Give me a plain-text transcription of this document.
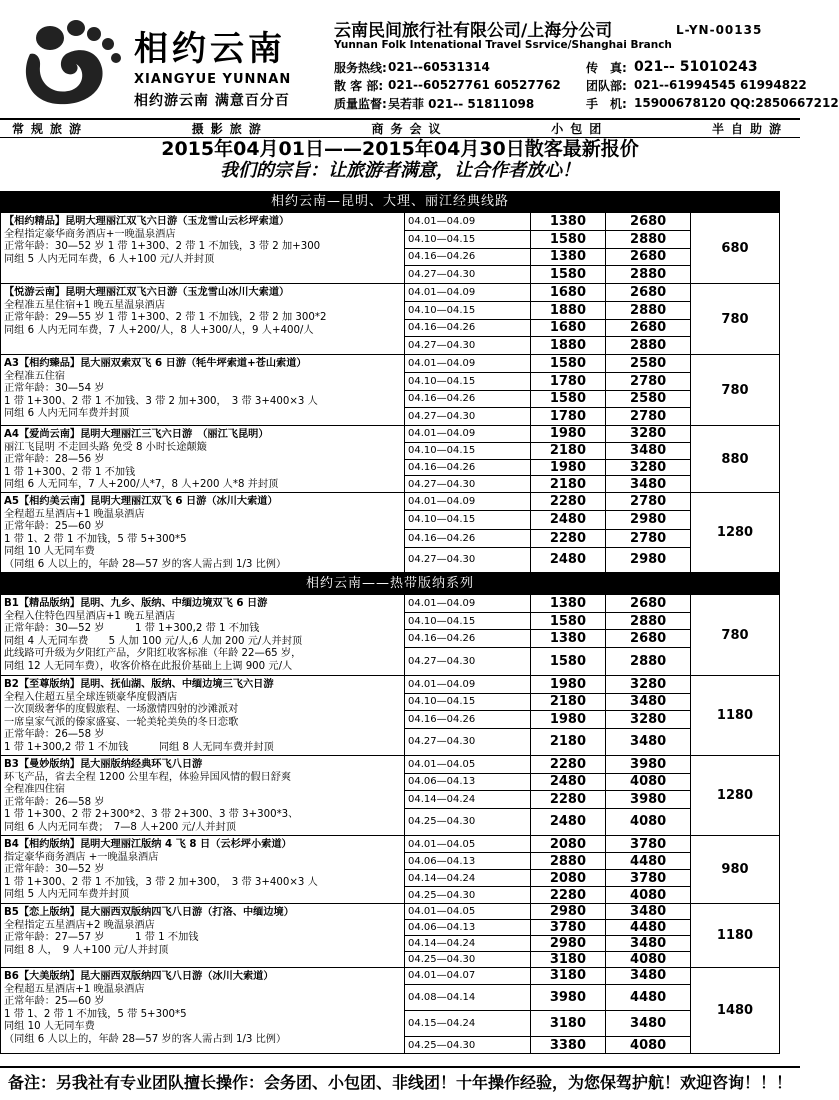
相约云南
XIANGYUE YUNNAN
相约游云南 满意百分百
云南民间旅行社有限公司/上海分公司	L-YN-00135
Yunnan Folk Intenational Travel Ssrvice/Shanghai Branch
服务热线: 021--60531314	传　真: 021-- 51010243
散 客 部: 021--60527761 60527762	团队部: 021--61994545 61994822
质量监督: 吴若菲 021-- 51811098	手　机: 15900678120 QQ:2850667212
常规旅游	摄影旅游	商务会议	小包团	半自助游
2015年04月01日——2015年04月30日散客最新报价
我们的宗旨：让旅游者满意，让合作者放心！
相约云南—昆明、大理、丽江经典线路
【相约精品】昆明大理丽江双飞六日游（玉龙雪山云杉坪索道）
全程指定豪华商务酒店+一晚温泉酒店
正常年龄：30—52 岁 1 带 1+300、2 带 1 不加钱，3 带 2 加+300
同组 5 人内无同车费，6 人+100 元/人并封顶
04.01—04.09	1380	2680
04.10—04.15	1580	2880
04.16—04.26	1380	2680
04.27—04.30	1580	2880
680
【悦游云南】昆明大理丽江双飞六日游（玉龙雪山冰川大索道）
全程准五星住宿+1 晚五星温泉酒店
正常年龄：29—55 岁 1 带 1+300、2 带 1 不加钱，2 带 2 加 300*2
同组 6 人内无同车费，7 人+200/人，8 人+300/人，9 人+400/人
04.01—04.09	1680	2680
04.10—04.15	1880	2880
04.16—04.26	1680	2680
04.27—04.30	1880	2880
780
A3【相约臻品】昆大丽双索双飞 6 日游（牦牛坪索道+苍山索道）
全程准五住宿
正常年龄：30—54 岁
1 带 1+300、2 带 1 不加钱、3 带 2 加+300，　3 带 3+400×3 人
同组 6 人内无同车费并封顶
04.01—04.09	1580	2580
04.10—04.15	1780	2780
04.16—04.26	1580	2580
04.27—04.30	1780	2780
780
A4【爱尚云南】昆明大理丽江三飞六日游　（丽江飞昆明）
丽江飞昆明 不走回头路 免受 8 小时长途颠簸
正常年龄：28—56 岁
1 带 1+300、2 带 1 不加钱
同组 6 人无同车，7 人+200/人*7，8 人+200 人*8 并封顶
04.01—04.09	1980	3280
04.10—04.15	2180	3480
04.16—04.26	1980	3280
04.27—04.30	2180	3480
880
A5【相约美云南】昆明大理丽江双飞 6 日游（冰川大索道）
全程超五星酒店+1 晚温泉酒店
正常年龄：25—60 岁
1 带 1、2 带 1 不加钱，5 带 5+300*5
同组 10 人无同车费
（同组 6 人以上的，年龄 28—57 岁的客人需占到 1/3 比例）
04.01—04.09	2280	2780
04.10—04.15	2480	2980
04.16—04.26	2280	2780
04.27—04.30	2480	2980
1280
相约云南——热带版纳系列
B1【精品版纳】昆明、九乡、版纳、中缅边境双飞 6 日游
全程入住特色四星酒店+1 晚五星酒店
正常年龄：30—52 岁　　　1 带 1+300,2 带 1 不加钱
同组 4 人无同车费　　5 人加 100 元/人,6 人加 200 元/人并封顶
此线路可升级为夕阳红产品，夕阳红收客标准（年龄 22—65 岁，
同组 12 人无同车费），收客价格在此报价基础上上调 900 元/人
04.01—04.09	1380	2680
04.10—04.15	1580	2880
04.16—04.26	1380	2680
04.27—04.30	1580	2880
780
B2【至尊版纳】昆明、抚仙湖、版纳、中缅边境三飞六日游
全程入住超五星全球连锁豪华度假酒店
一次顶级奢华的度假旅程、一场激情四射的沙滩派对
一席皇家气派的傣家盛宴、一轮美轮美奂的冬日恋歌
正常年龄：26—58 岁
1 带 1+300,2 带 1 不加钱　　　同组 8 人无同车费并封顶
04.01—04.09	1980	3280
04.10—04.15	2180	3480
04.16—04.26	1980	3280
04.27—04.30	2180	3480
1180
B3【曼妙版纳】昆大丽版纳经典环飞八日游
环飞产品，省去全程 1200 公里车程，体验异国风情的假日舒爽
全程准四住宿
正常年龄：26—58 岁
1 带 1+300、2 带 2+300*2、3 带 2+300、3 带 3+300*3、
同组 6 人内无同车费；　7—8 人+200 元/人并封顶
04.01—04.05	2280	3980
04.06—04.13	2480	4080
04.14—04.24	2280	3980
04.25—04.30	2480	4080
1280
B4【相约版纳】昆明大理丽江版纳 4 飞 8 日（云杉坪小索道）
指定豪华商务酒店 +一晚温泉酒店
正常年龄：30—52 岁
1 带 1+300、2 带 1 不加钱，3 带 2 加+300，　3 带 3+400×3 人
同组 5 人内无同车费并封顶
04.01—04.05	2080	3780
04.06—04.13	2880	4480
04.14—04.24	2080	3780
04.25—04.30	2280	4080
980
B5【恋上版纳】昆大丽西双版纳四飞八日游（打洛、中缅边境）
全程指定五星酒店+2 晚温泉酒店
正常年龄：27—57 岁　　　1 带 1 不加钱
同组 8 人，　9 人+100 元/人并封顶
04.01—04.05	2980	3480
04.06—04.13	3780	4480
04.14—04.24	2980	3480
04.25—04.30	3180	4080
1180
B6【大美版纳】昆大丽西双版纳四飞八日游（冰川大索道）
全程超五星酒店+1 晚温泉酒店
正常年龄：25—60 岁
1 带 1、2 带 1 不加钱，5 带 5+300*5
同组 10 人无同车费
（同组 6 人以上的，年龄 28—57 岁的客人需占到 1/3 比例）
04.01—04.07	3180	3480
04.08—04.14	3980	4480
04.15—04.24	3180	3480
04.25—04.30	3380	4080
1480
备注：另我社有专业团队擅长操作：会务团、小包团、非线团！十年操作经验，为您保驾护航！欢迎咨询！！！
